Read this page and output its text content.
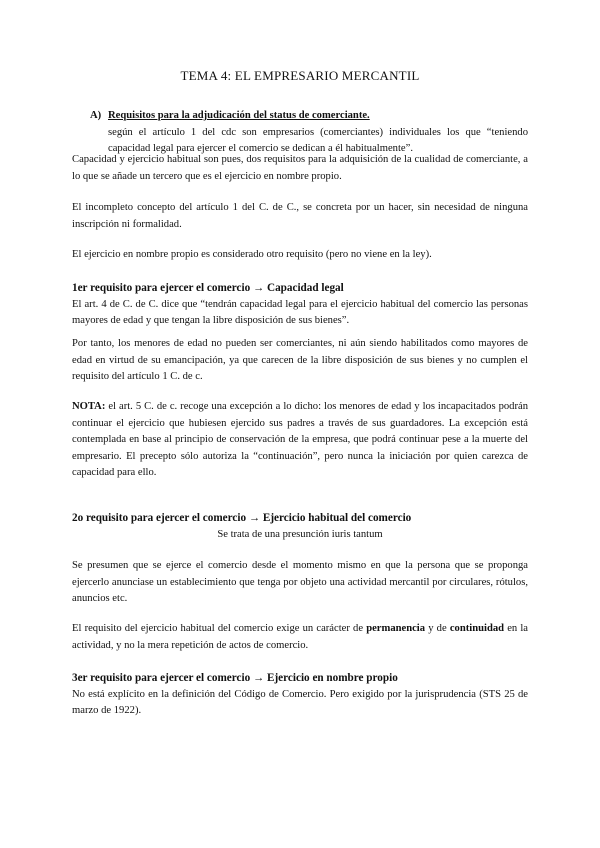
TEMA 4: EL EMPRESARIO MERCANTIL
A) Requisitos para la adjudicación del status de comerciante.
según el artículo 1 del cdc son empresarios (comerciantes) individuales los que “teniendo capacidad legal para ejercer el comercio se dedican a él habitualmente”.

Capacidad y ejercicio habitual son pues, dos requisitos para la adquisición de la cualidad de comerciante, a lo que se añade un tercero que es el ejercicio en nombre propio.

El incompleto concepto del artículo 1 del C. de C., se concreta por un hacer, sin necesidad de ninguna inscripción ni formalidad.

El ejercicio en nombre propio es considerado otro requisito (pero no viene en la ley).

1er requisito para ejercer el comercio → Capacidad legal
El art. 4 de C. de C. dice que “tendrán capacidad legal para el ejercicio habitual del comercio las personas mayores de edad y que tengan la libre disposición de sus bienes”.

Por tanto, los menores de edad no pueden ser comerciantes, ni aún siendo habilitados como mayores de edad en virtud de su emancipación, ya que carecen de la libre disposición de sus bienes y no cumplen el requisito del artículo 1 C. de c.

NOTA: el art. 5 C. de c. recoge una excepción a lo dicho: los menores de edad y los incapacitados podrán continuar el ejercicio que hubiesen ejercido sus padres a través de sus guardadores. La excepción está contemplada en base al principio de conservación de la empresa, que podrá continuar pese a la muerte del empresario. El precepto sólo autoriza la “continuación”, pero nunca la iniciación por quien carezca de capacidad para ello.

2o requisito para ejercer el comercio → Ejercicio habitual del comercio
Se trata de una presunción iuris tantum

Se presumen que se ejerce el comercio desde el momento mismo en que la persona que se proponga ejercerlo anunciase un establecimiento que tenga por objeto una actividad mercantil por circulares, rótulos, anuncios etc.

El requisito del ejercicio habitual del comercio exige un carácter de permanencia y de continuidad en la actividad, y no la mera repetición de actos de comercio.

3er requisito para ejercer el comercio → Ejercicio en nombre propio
No está explícito en la definición del Código de Comercio. Pero exigido por la jurisprudencia (STS 25 de marzo de 1922).
